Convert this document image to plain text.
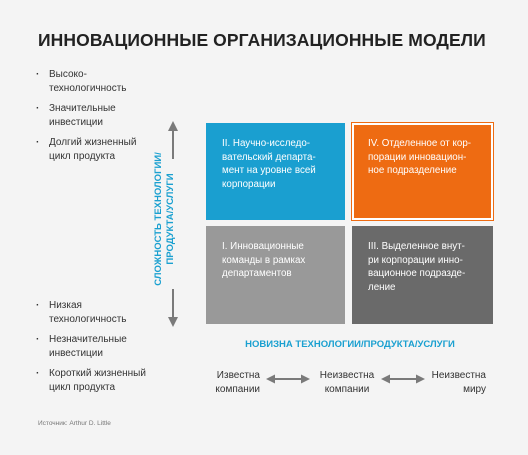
ИННОВАЦИОННЫЕ ОРГАНИЗАЦИОННЫЕ МОДЕЛИ
· Высоко-
технологичность
· Значительные
инвестиции
· Долгий жизненный
цикл продукта
· Низкая
технологичность
· Незначительные
инвестиции
· Короткий жизненный
цикл продукта
СЛОЖНОСТЬ ТЕХНОЛОГИИ/
ПРОДУКТА/УСЛУГИ
II. Научно-исследо-
вательский департа-
мент на уровне всей
корпорации
IV. Отделенное от кор-
порации инновацион-
ное подразделение
I. Инновационные
команды в рамках
департаментов
III. Выделенное внут-
ри корпорации инно-
вационное подразде-
ление
НОВИЗНА ТЕХНОЛОГИИ/ПРОДУКТА/УСЛУГИ
Известна
компании
Неизвестна
компании
Неизвестна
миру
Источник: Arthur D. Little
